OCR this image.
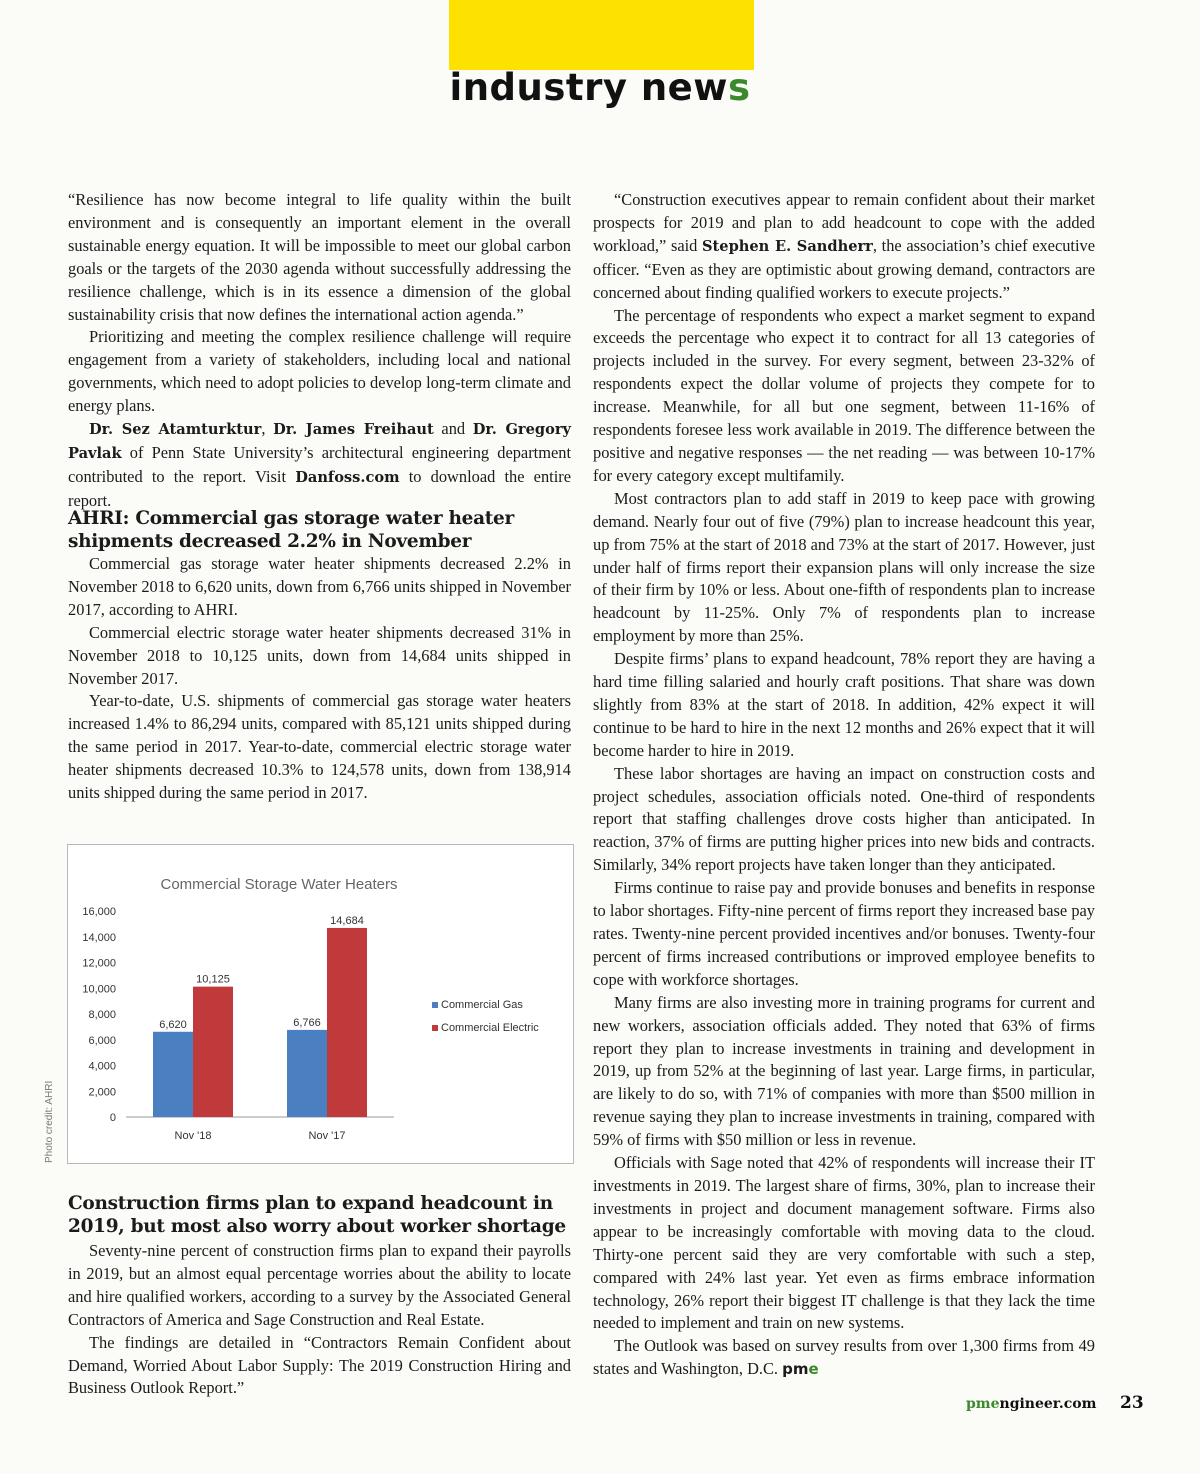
industry news

“Resilience has now become integral to life quality within the built environment and is consequently an important element in the overall sustainable energy equation. It will be impossible to meet our global carbon goals or the targets of the 2030 agenda without successfully addressing the resilience challenge, which is in its essence a dimension of the global sustainability crisis that now defines the international action agenda.”

Prioritizing and meeting the complex resilience challenge will require engagement from a variety of stakeholders, including local and national governments, which need to adopt policies to develop long-term climate and energy plans.

Dr. Sez Atamturktur, Dr. James Freihaut and Dr. Gregory Pavlak of Penn State University’s architectural engineering department contributed to the report. Visit Danfoss.com to download the entire report.

AHRI: Commercial gas storage water heater shipments decreased 2.2% in November

Commercial gas storage water heater shipments decreased 2.2% in November 2018 to 6,620 units, down from 6,766 units shipped in November 2017, according to AHRI.

Commercial electric storage water heater shipments decreased 31% in November 2018 to 10,125 units, down from 14,684 units shipped in November 2017.

Year-to-date, U.S. shipments of commercial gas storage water heaters increased 1.4% to 86,294 units, compared with 85,121 units shipped during the same period in 2017. Year-to-date, commercial electric storage water heater shipments decreased 10.3% to 124,578 units, down from 138,914 units shipped during the same period in 2017.

Commercial Storage Water Heaters
0
2,000
4,000
6,000
8,000
10,000
12,000
14,000
16,000
Nov '18
6,620
10,125
Nov '17
6,766
14,684
Commercial Gas
Commercial Electric
Photo credit: AHRI
Construction firms plan to expand headcount in 2019, but most also worry about worker shortage

Seventy-nine percent of construction firms plan to expand their payrolls in 2019, but an almost equal percentage worries about the ability to locate and hire qualified workers, according to a survey by the Associated General Contractors of America and Sage Construction and Real Estate.

The findings are detailed in “Contractors Remain Confident about Demand, Worried About Labor Supply: The 2019 Construction Hiring and Business Outlook Report.”

“Construction executives appear to remain confident about their market prospects for 2019 and plan to add headcount to cope with the added workload,” said Stephen E. Sandherr, the association’s chief executive officer. “Even as they are optimistic about growing demand, contractors are concerned about finding qualified workers to execute projects.”

The percentage of respondents who expect a market segment to expand exceeds the percentage who expect it to contract for all 13 categories of projects included in the survey. For every segment, between 23-32% of respondents expect the dollar volume of projects they compete for to increase. Meanwhile, for all but one segment, between 11-16% of respondents foresee less work available in 2019. The difference between the positive and negative responses — the net reading — was between 10-17% for every category except multifamily.

Most contractors plan to add staff in 2019 to keep pace with growing demand. Nearly four out of five (79%) plan to increase headcount this year, up from 75% at the start of 2018 and 73% at the start of 2017. However, just under half of firms report their expansion plans will only increase the size of their firm by 10% or less. About one-fifth of respondents plan to increase headcount by 11-25%. Only 7% of respondents plan to increase employment by more than 25%.

Despite firms’ plans to expand headcount, 78% report they are having a hard time filling salaried and hourly craft positions. That share was down slightly from 83% at the start of 2018. In addition, 42% expect it will continue to be hard to hire in the next 12 months and 26% expect that it will become harder to hire in 2019.

These labor shortages are having an impact on construction costs and project schedules, association officials noted. One-third of respondents report that staffing challenges drove costs higher than anticipated. In reaction, 37% of firms are putting higher prices into new bids and contracts. Similarly, 34% report projects have taken longer than they anticipated.

Firms continue to raise pay and provide bonuses and benefits in response to labor shortages. Fifty-nine percent of firms report they increased base pay rates. Twenty-nine percent provided incentives and/or bonuses. Twenty-four percent of firms increased contributions or improved employee benefits to cope with workforce shortages.

Many firms are also investing more in training programs for current and new workers, association officials added. They noted that 63% of firms report they plan to increase investments in training and development in 2019, up from 52% at the beginning of last year. Large firms, in particular, are likely to do so, with 71% of companies with more than $500 million in revenue saying they plan to increase investments in training, compared with 59% of firms with $50 million or less in revenue.

Officials with Sage noted that 42% of respondents will increase their IT investments in 2019. The largest share of firms, 30%, plan to increase their investments in project and document management software. Firms also appear to be increasingly comfortable with moving data to the cloud. Thirty-one percent said they are very comfortable with such a step, compared with 24% last year. Yet even as firms embrace information technology, 26% report their biggest IT challenge is that they lack the time needed to implement and train on new systems.

The Outlook was based on survey results from over 1,300 firms from 49 states and Washington, D.C. pme

pmengineer.com 23
